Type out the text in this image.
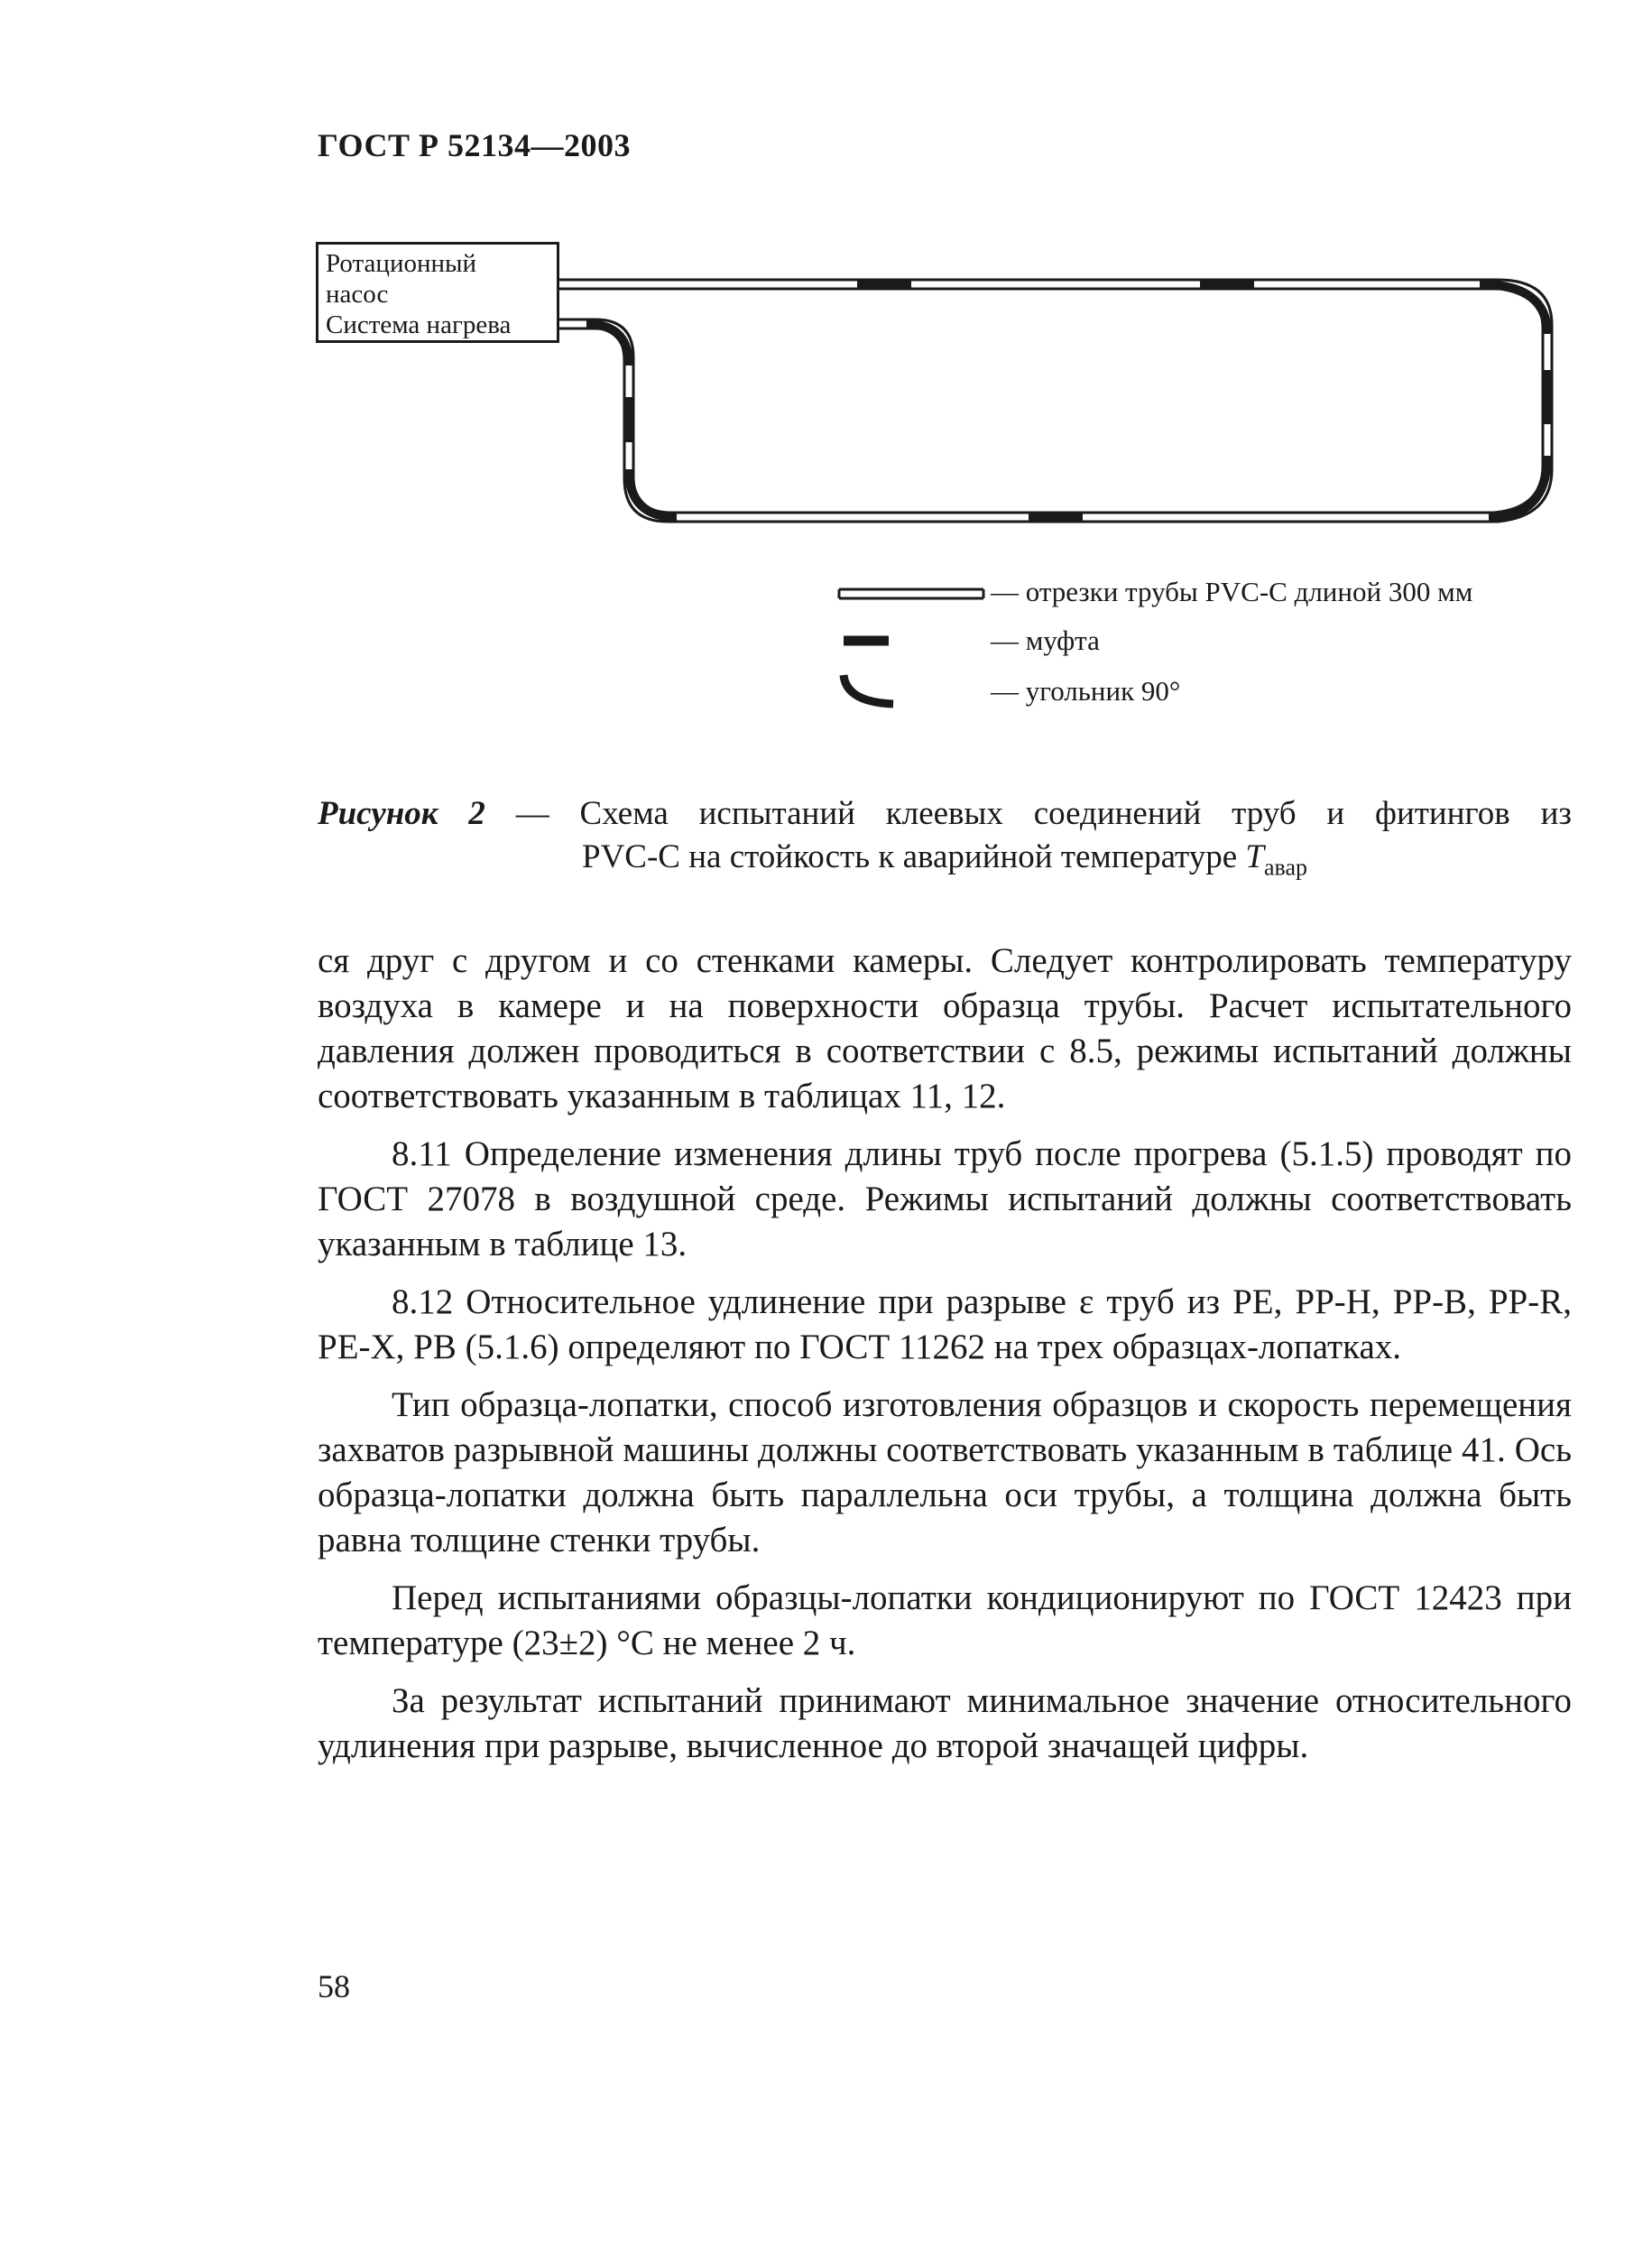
ГОСТ Р 52134—2003
Ротационный
насос
Система нагрева
— отрезки трубы PVC-C длиной 300 мм
— муфта
— угольник 90°
Рисунок 2 — Схема испытаний клеевых соединений труб и фитингов из
PVC-C на стойкость к аварийной температуре $T_{авар}$

ся друг с другом и со стенками камеры. Следует контролировать температуру воздуха в камере и на поверхности образца трубы. Расчет испытательного давления должен проводиться в соответствии с 8.5, режимы испытаний должны соответствовать указанным в таблицах 11, 12.

8.11 Определение изменения длины труб после прогрева (5.1.5) проводят по ГОСТ 27078 в воздушной среде. Режимы испытаний должны соответствовать указанным в таблице 13.

8.12 Относительное удлинение при разрыве ε труб из PE, PP-H, PP-B, PP-R, PE-X, PB (5.1.6) определяют по ГОСТ 11262 на трех образцах-лопатках.

Тип образца-лопатки, способ изготовления образцов и скорость перемещения захватов разрывной машины должны соответствовать указанным в таблице 41. Ось образца-лопатки должна быть параллельна оси трубы, а толщина должна быть равна толщине стенки трубы.

Перед испытаниями образцы-лопатки кондиционируют по ГОСТ 12423 при температуре (23±2) °С не менее 2 ч.

За результат испытаний принимают минимальное значение относительного удлинения при разрыве, вычисленное до второй значащей цифры.

58
